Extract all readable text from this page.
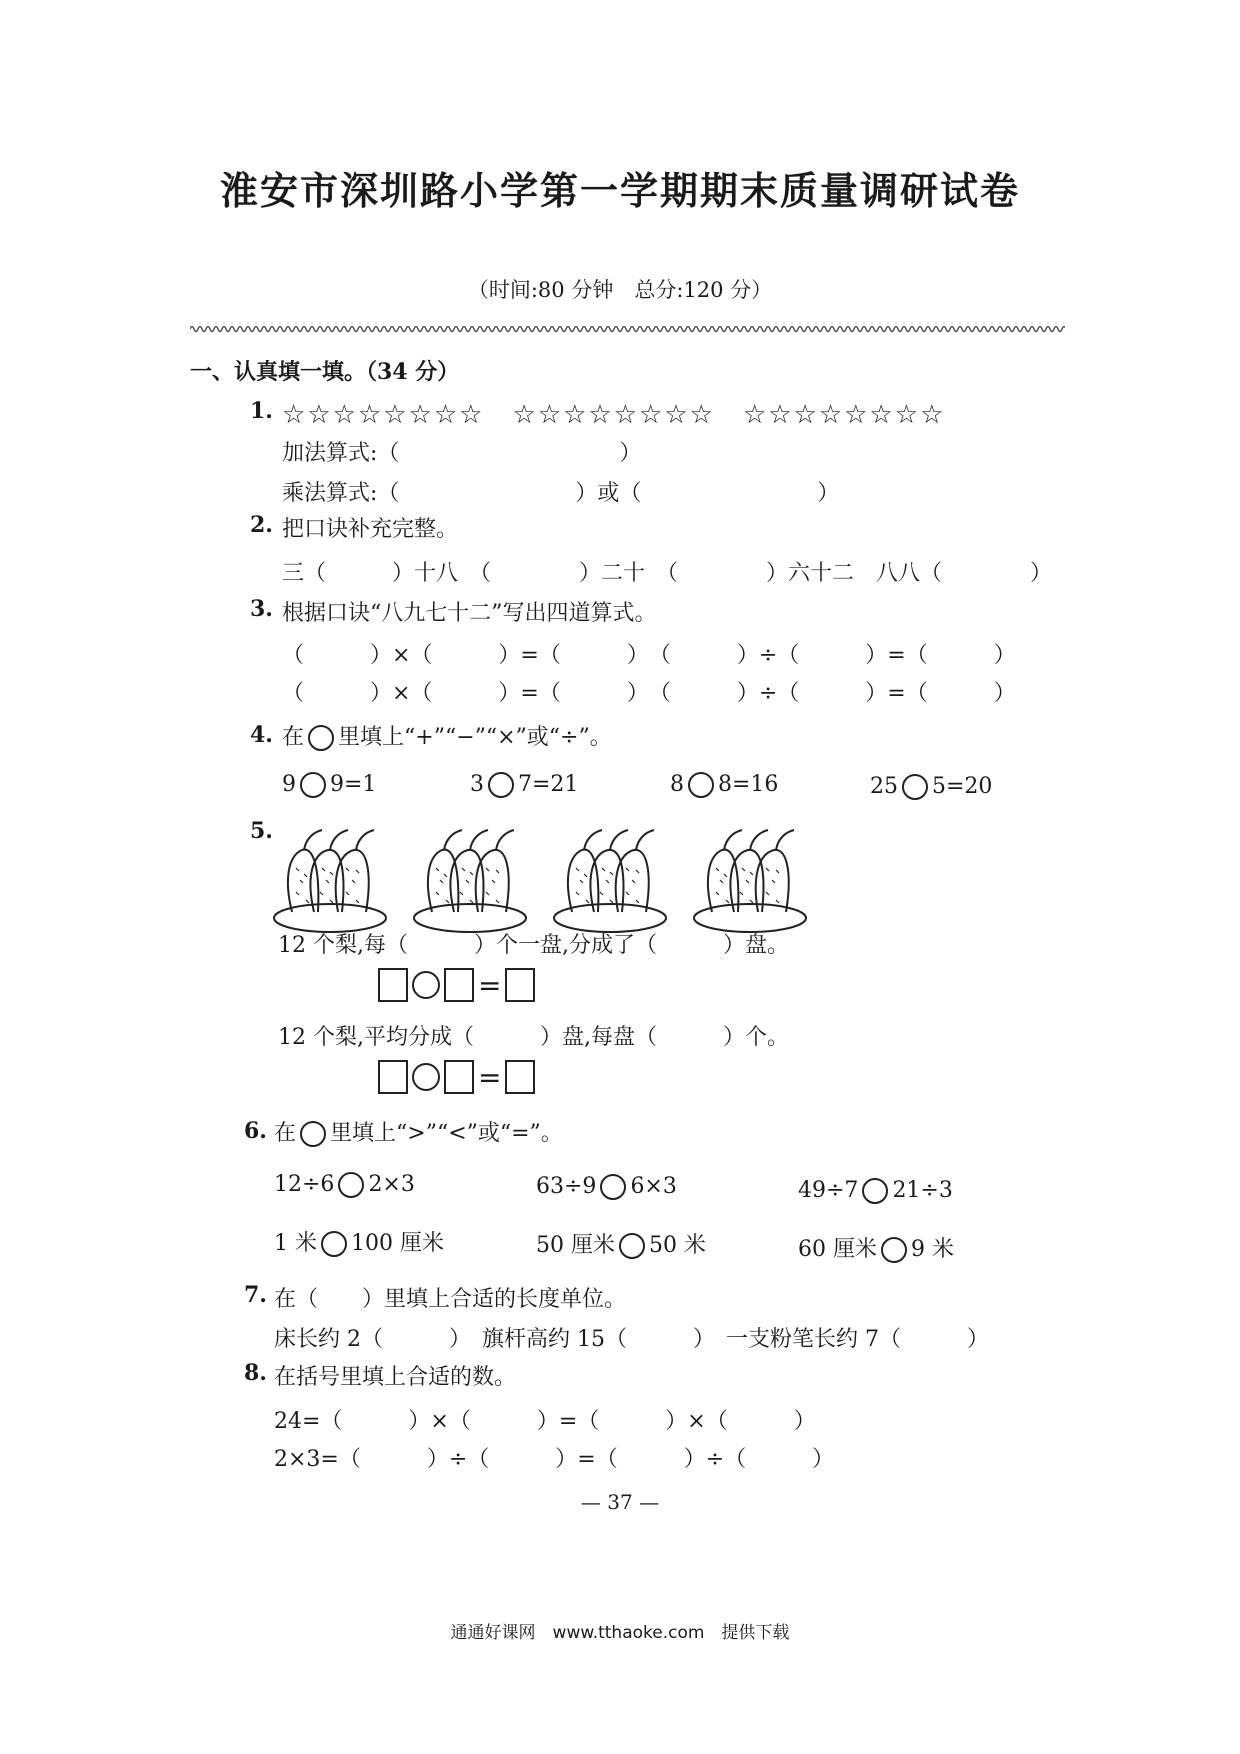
淮安市深圳路小学第一学期期末质量调研试卷
（时间:80 分钟　总分:120 分）
一、认真填一填。（34 分）
1. ☆☆☆☆☆☆☆☆　☆☆☆☆☆☆☆☆　☆☆☆☆☆☆☆☆
加法算式:（　　　　　　　　　　）
乘法算式:（　　　　　　　　）或（　　　　　　　　）
2. 把口诀补充完整。
三（　　　）十八　（　　　　）二十　（　　　　）六十二　八八（　　　　）
3. 根据口诀“八九七十二”写出四道算式。
（　　　）×（　　　）=（　　　）　（　　　）÷（　　　）=（　　　）
（　　　）×（　　　）=（　　　）　（　　　）÷（　　　）=（　　　）
4. 在 里填上“+”“−”“×”或“÷”。
9 9=1	3 7=21	8 8=16	25 5=20
5.
12 个梨,每（　　　）个一盘,分成了（　　　）盘。
=
12 个梨,平均分成（　　　）盘,每盘（　　　）个。
=
6. 在 里填上“>”“<”或“=”。
12÷6 2×3	63÷9 6×3	49÷7 21÷3
1 米 100 厘米	50 厘米 50 米	60 厘米 9 米
7. 在（　　）里填上合适的长度单位。
床长约 2（　　　）　旗杆高约 15（　　　）　一支粉笔长约 7（　　　）
8. 在括号里填上合适的数。
24=（　　　）×（　　　）=（　　　）×（　　　）
2×3=（　　　）÷（　　　）=（　　　）÷（　　　）
— 37 —
通通好课网　www.tthaoke.com　提供下载
